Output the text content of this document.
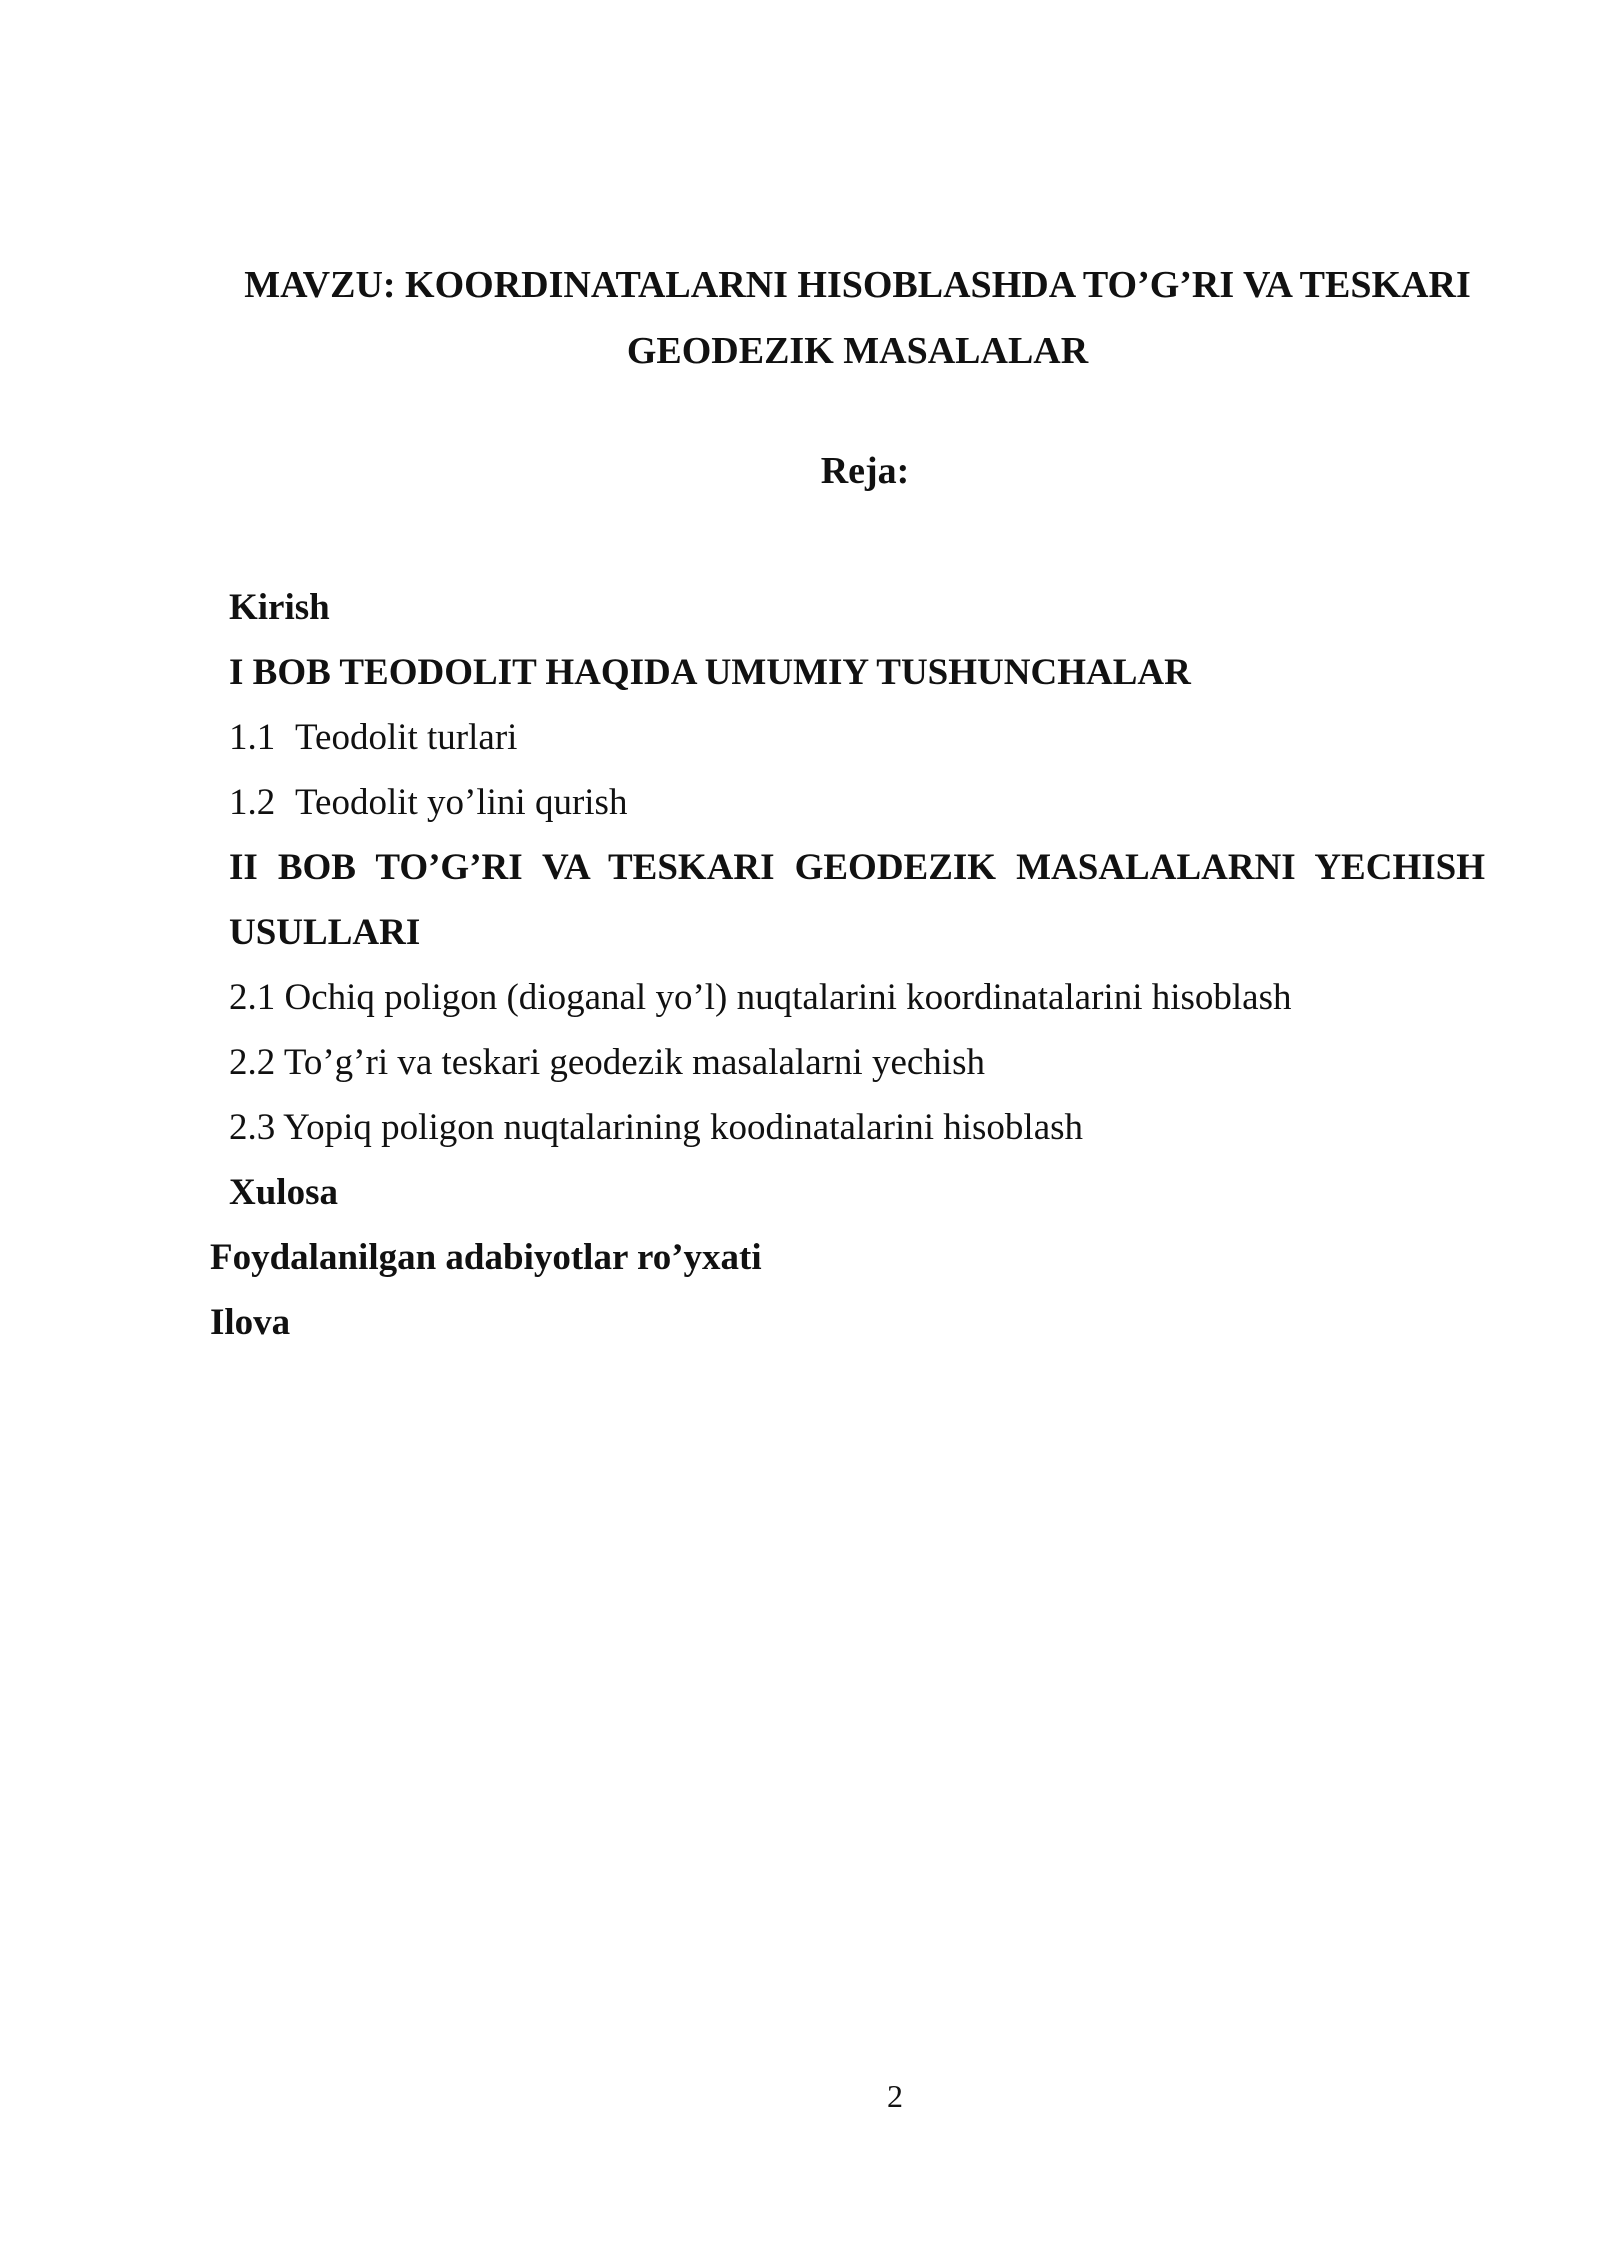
MAVZU: KOORDINATALARNI HISOBLASHDA TO’G’RI VA TESKARI
GEODEZIK MASALALAR
Reja:
Kirish
I BOB TEODOLIT HAQIDA UMUMIY TUSHUNCHALAR
1.1 Teodolit turlari
1.2 Teodolit yo’lini qurish
II BOB TO’G’RI VA TESKARI GEODEZIK MASALALARNI YECHISH
USULLARI
2.1 Ochiq poligon (dioganal yo’l) nuqtalarini koordinatalarini hisoblash
2.2 To’g’ri va teskari geodezik masalalarni yechish
2.3 Yopiq poligon nuqtalarining koodinatalarini hisoblash
Xulosa
Foydalanilgan adabiyotlar ro’yxati
Ilova

2
